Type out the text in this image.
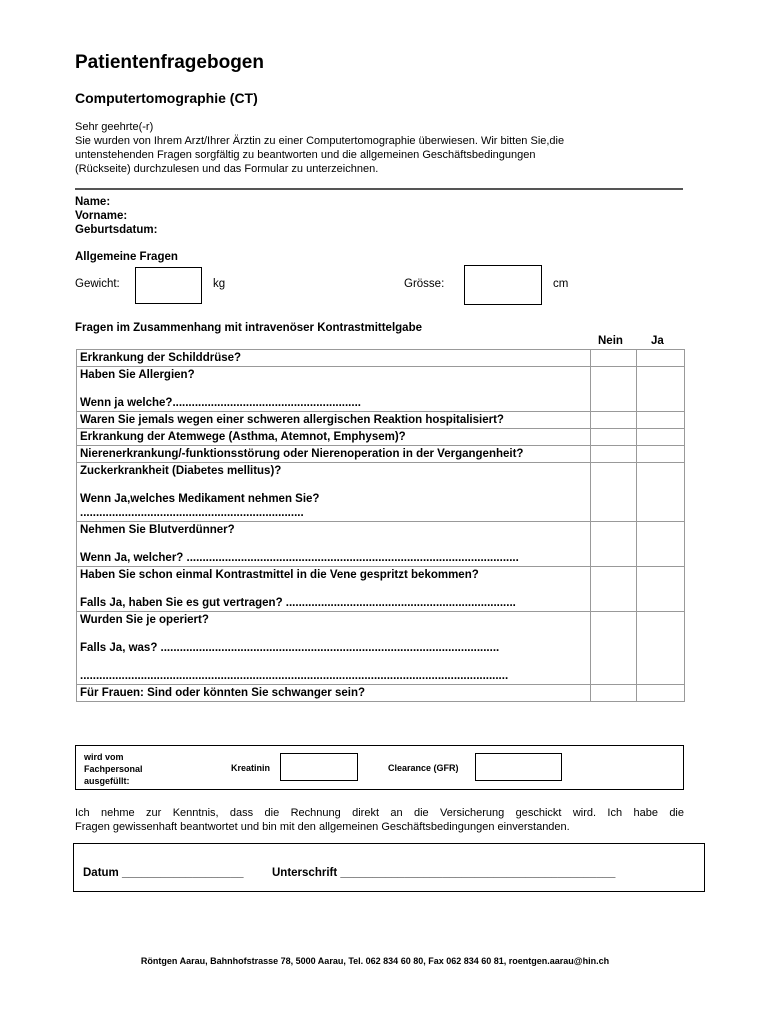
Patientenfragebogen
Computertomographie (CT)
Sehr geehrte(-r)
Sie wurden von Ihrem Arzt/Ihrer Ärztin zu einer Computertomographie überwiesen. Wir bitten Sie,die
untenstehenden Fragen sorgfältig zu beantworten und die allgemeinen Geschäftsbedingungen
(Rückseite) durchzulesen und das Formular zu unterzeichnen.
Name:
Vorname:
Geburtsdatum:
Allgemeine Fragen
Gewicht:	kg	Grösse:	cm
Fragen im Zusammenhang mit intravenöser Kontrastmittelgabe
Nein Ja
Erkrankung der Schilddrüse?		

Haben Sie Allergien?
Wenn ja welche?...........................................................		

Waren Sie jemals wegen einer schweren allergischen Reaktion hospitalisiert?		

Erkrankung der Atemwege (Asthma, Atemnot, Emphysem)?		

Nierenerkrankung/-funktionsstörung oder Nierenoperation in der Vergangenheit?		

Zuckerkrankheit (Diabetes mellitus)?
Wenn Ja,welches Medikament nehmen Sie?
......................................................................		

Nehmen Sie Blutverdünner?
Wenn Ja, welcher? ........................................................................................................		

Haben Sie schon einmal Kontrastmittel in die Vene gespritzt bekommen?
Falls Ja, haben Sie es gut vertragen? ........................................................................		

Wurden Sie je operiert?
Falls Ja, was? ..........................................................................................................
......................................................................................................................................		

Für Frauen: Sind oder könnten Sie schwanger sein?		

wird vom
Fachpersonal
ausgefüllt:
Kreatinin	Clearance (GFR)
Ich nehme zur Kenntnis, dass die Rechnung direkt an die Versicherung geschickt wird. Ich habe die
Fragen gewissenhaft beantwortet und bin mit den allgemeinen Geschäftsbedingungen einverstanden.
Datum ___________________ Unterschrift ___________________________________________
Röntgen Aarau, Bahnhofstrasse 78, 5000 Aarau, Tel. 062 834 60 80, Fax 062 834 60 81, roentgen.aarau@hin.ch
